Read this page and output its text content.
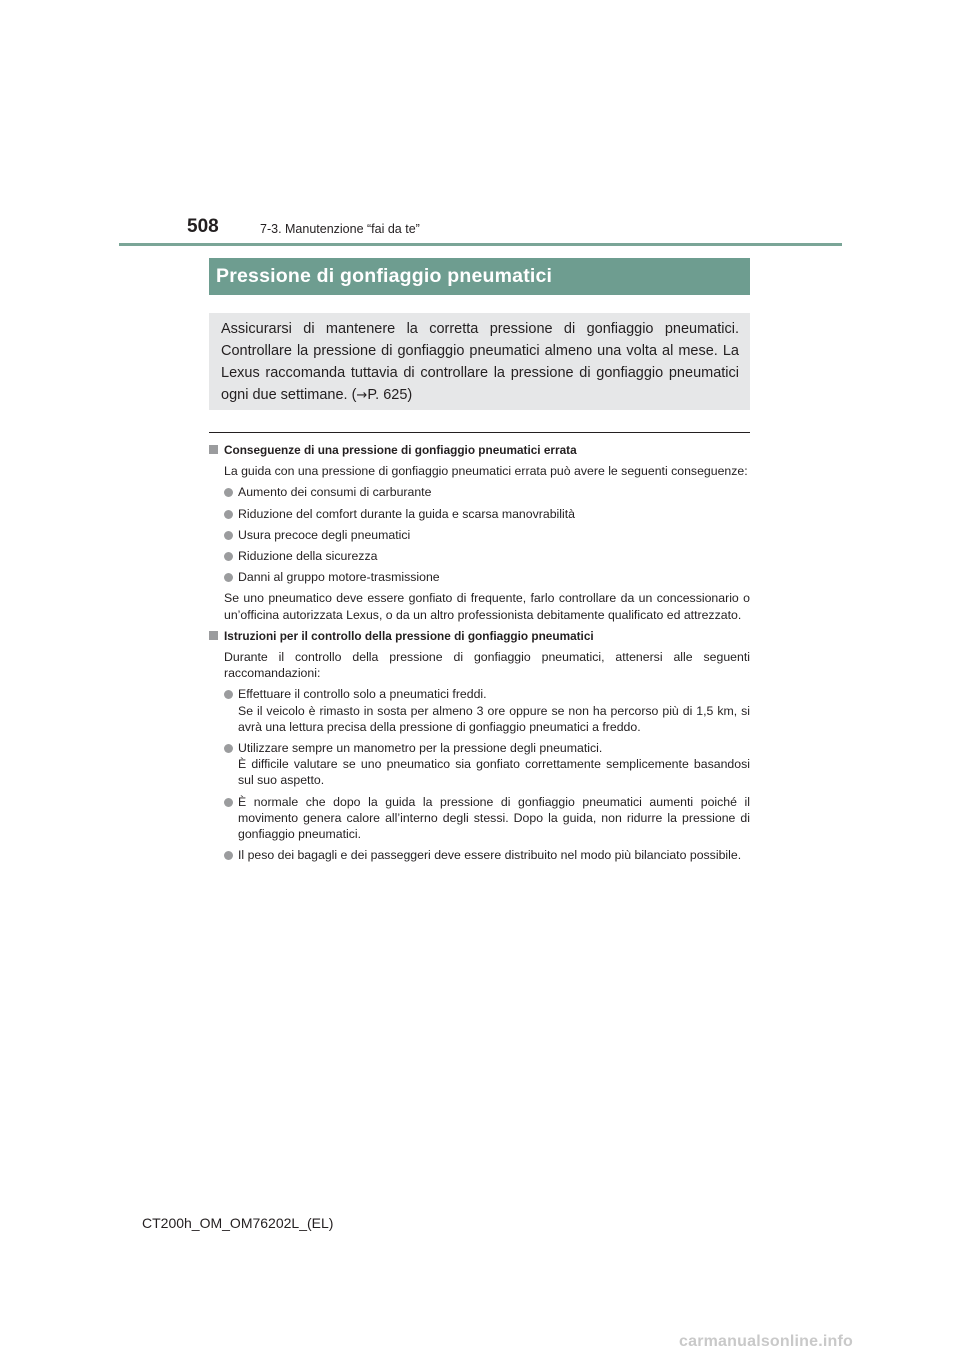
508	7-3. Manutenzione “fai da te”
Pressione di gonfiaggio pneumatici
Assicurarsi di mantenere la corretta pressione di gonfiaggio pneumatici. Controllare la pressione di gonfiaggio pneumatici almeno una volta al mese. La Lexus raccomanda tuttavia di controllare la pressione di gonfiaggio pneumatici ogni due settimane. (→P. 625)
Conseguenze di una pressione di gonfiaggio pneumatici errata
La guida con una pressione di gonfiaggio pneumatici errata può avere le seguenti conseguenze:
Aumento dei consumi di carburante
Riduzione del comfort durante la guida e scarsa manovrabilità
Usura precoce degli pneumatici
Riduzione della sicurezza
Danni al gruppo motore-trasmissione
Se uno pneumatico deve essere gonfiato di frequente, farlo controllare da un concessionario o un’officina autorizzata Lexus, o da un altro professionista debitamente qualificato ed attrezzato.
Istruzioni per il controllo della pressione di gonfiaggio pneumatici
Durante il controllo della pressione di gonfiaggio pneumatici, attenersi alle seguenti raccomandazioni:
Effettuare il controllo solo a pneumatici freddi.
Se il veicolo è rimasto in sosta per almeno 3 ore oppure se non ha percorso più di 1,5 km, si avrà una lettura precisa della pressione di gonfiaggio pneumatici a freddo.
Utilizzare sempre un manometro per la pressione degli pneumatici.
È difficile valutare se uno pneumatico sia gonfiato correttamente semplicemente basandosi sul suo aspetto.
È normale che dopo la guida la pressione di gonfiaggio pneumatici aumenti poiché il movimento genera calore all’interno degli stessi. Dopo la guida, non ridurre la pressione di gonfiaggio pneumatici.
Il peso dei bagagli e dei passeggeri deve essere distribuito nel modo più bilanciato possibile.
CT200h_OM_OM76202L_(EL)
carmanualsonline.info
